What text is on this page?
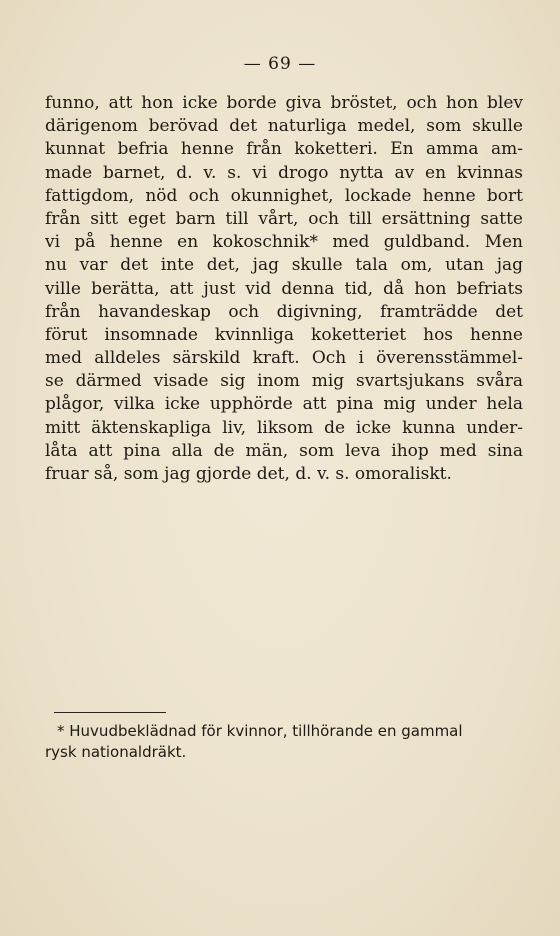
— 69 —

funno, att hon icke borde giva bröstet, och hon blev
därigenom berövad det naturliga medel, som skulle
kunnat befria henne från koketteri. En amma am-
made barnet, d. v. s. vi drogo nytta av en kvinnas
fattigdom, nöd och okunnighet, lockade henne bort
från sitt eget barn till vårt, och till ersättning satte
vi på henne en kokoschnik* med guldband. Men
nu var det inte det, jag skulle tala om, utan jag
ville berätta, att just vid denna tid, då hon befriats
från havandeskap och digivning, framträdde det
förut insomnade kvinnliga koketteriet hos henne
med alldeles särskild kraft. Och i överensstämmel-
se därmed visade sig inom mig svartsjukans svåra
plågor, vilka icke upphörde att pina mig under hela
mitt äktenskapliga liv, liksom de icke kunna under-
låta att pina alla de män, som leva ihop med sina
fruar så, som jag gjorde det, d. v. s. omoraliskt.

* Huvudbeklädnad för kvinnor, tillhörande en gammal
rysk nationaldräkt.
